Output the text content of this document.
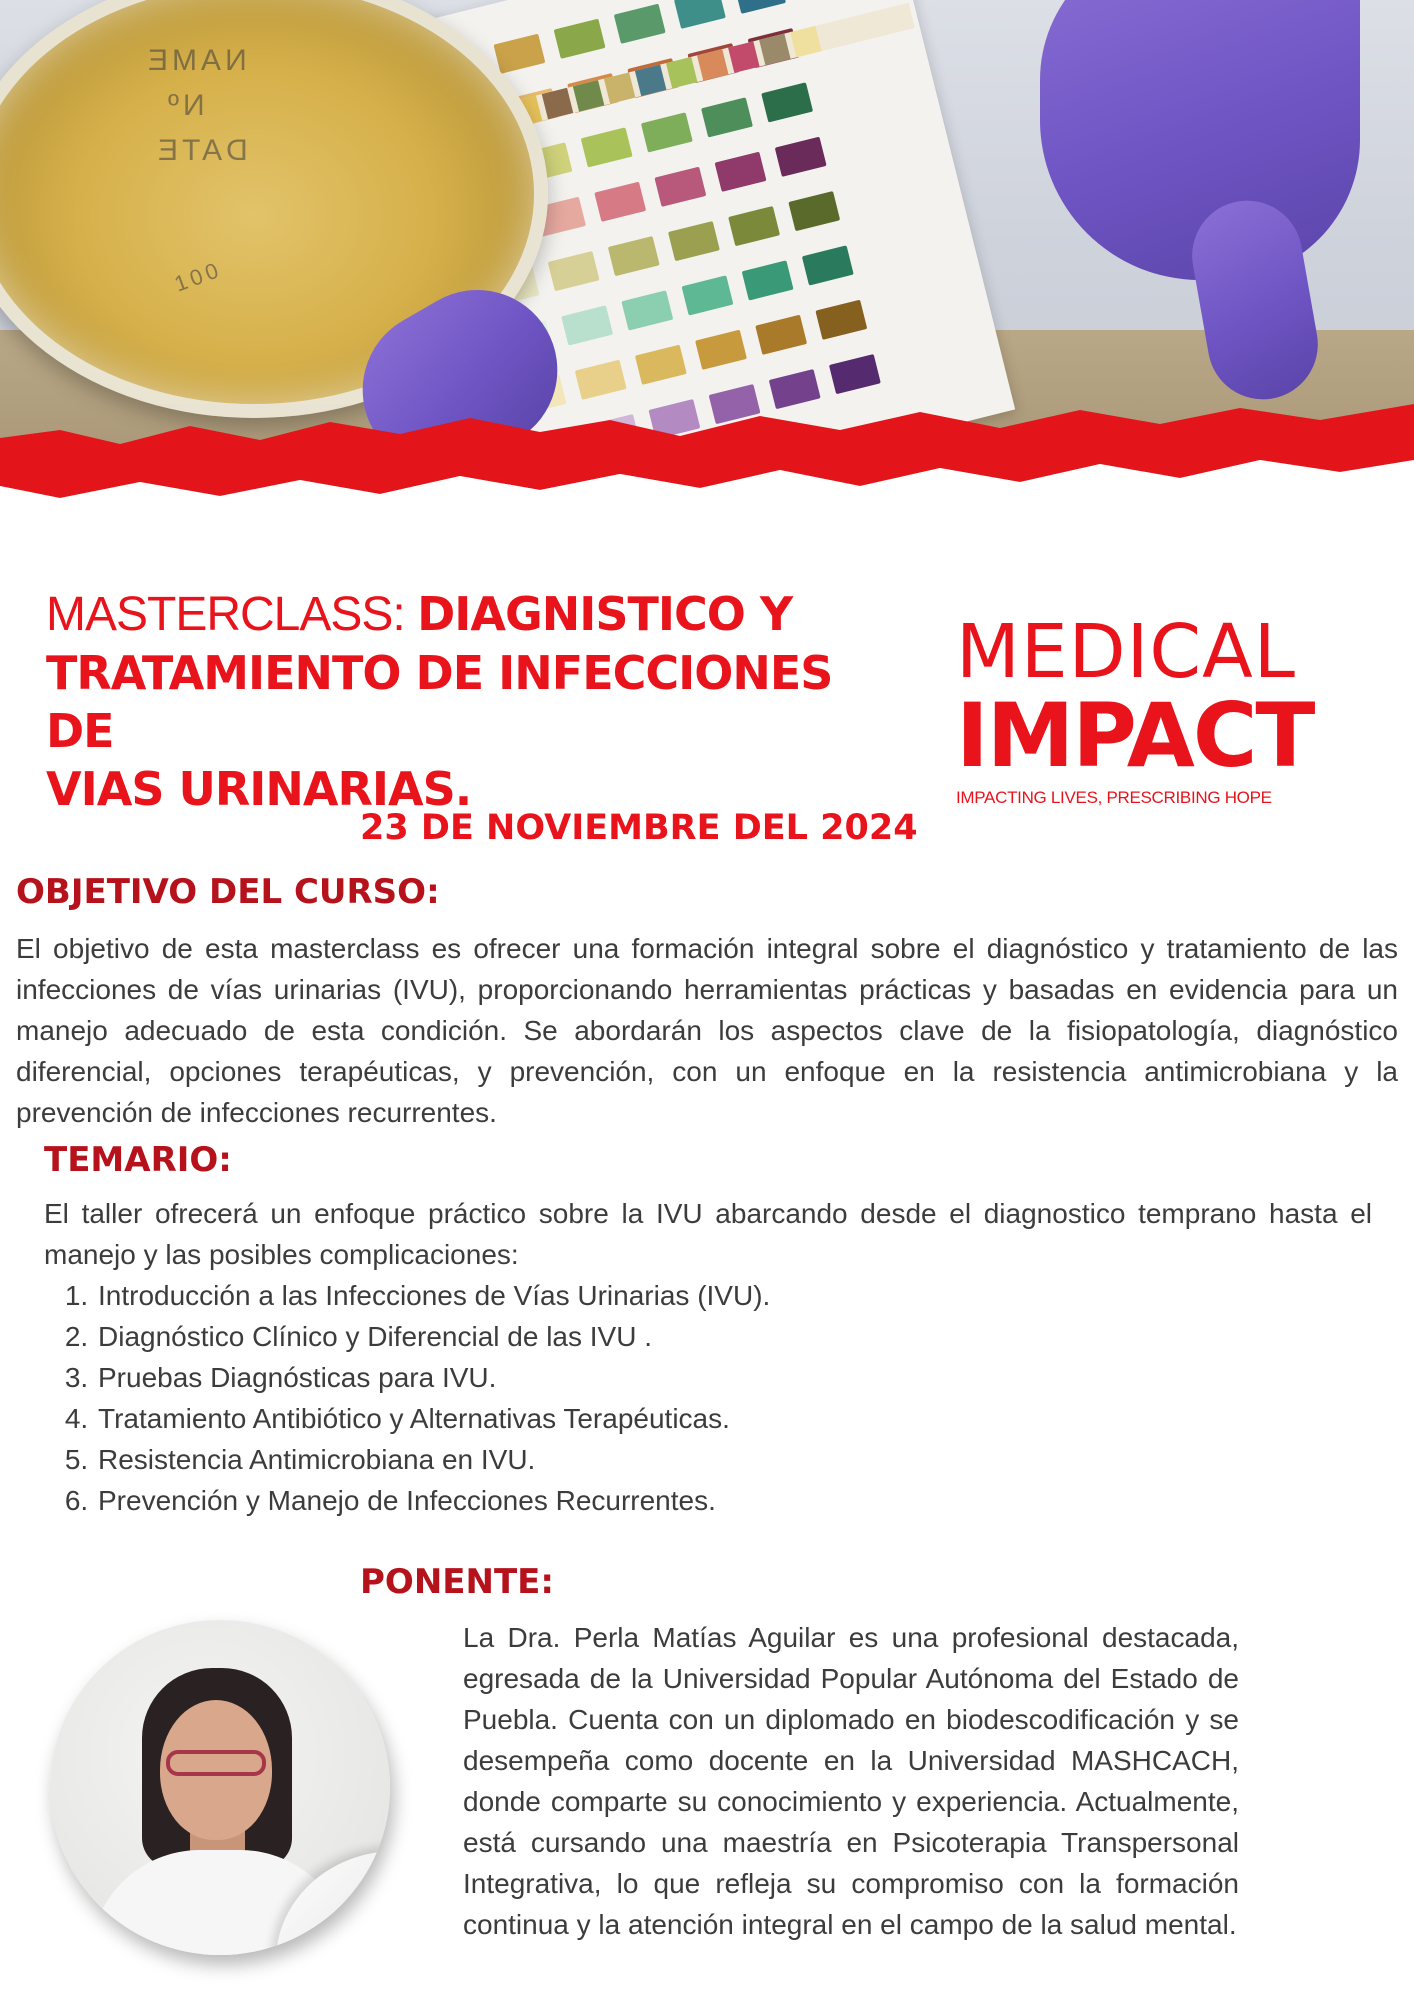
NAME
Nº
DATE
100
MASTERCLASS: DIAGNISTICO Y
TRATAMIENTO DE INFECCIONES DE
VIAS URINARIAS.
23 DE NOVIEMBRE DEL 2024
MEDICAL
IMPACT
IMPACTING LIVES, PRESCRIBING HOPE
OBJETIVO DEL CURSO:
El objetivo de esta masterclass es ofrecer una formación integral sobre el diagnóstico y tratamiento de las infecciones de vías urinarias (IVU), proporcionando herramientas prácticas y basadas en evidencia para un manejo adecuado de esta condición. Se abordarán los aspectos clave de la fisiopatología, diagnóstico diferencial, opciones terapéuticas, y prevención, con un enfoque en la resistencia antimicrobiana y la prevención de infecciones recurrentes.
TEMARIO:
El taller ofrecerá un enfoque práctico sobre la IVU abarcando desde el diagnostico temprano hasta el manejo y las posibles complicaciones:
1. Introducción a las Infecciones de Vías Urinarias (IVU).
2. Diagnóstico Clínico y Diferencial de las IVU .
3. Pruebas Diagnósticas para IVU.
4. Tratamiento Antibiótico y Alternativas Terapéuticas.
5. Resistencia Antimicrobiana en IVU.
6. Prevención y Manejo de Infecciones Recurrentes.
PONENTE:
La Dra. Perla Matías Aguilar es una profesional destacada, egresada de la Universidad Popular Autónoma del Estado de Puebla. Cuenta con un diplomado en biodescodificación y se desempeña como docente en la Universidad MASHCACH, donde comparte su conocimiento y experiencia. Actualmente, está cursando una maestría en Psicoterapia Transpersonal Integrativa, lo que refleja su compromiso con la formación continua y la atención integral en el campo de la salud mental.
